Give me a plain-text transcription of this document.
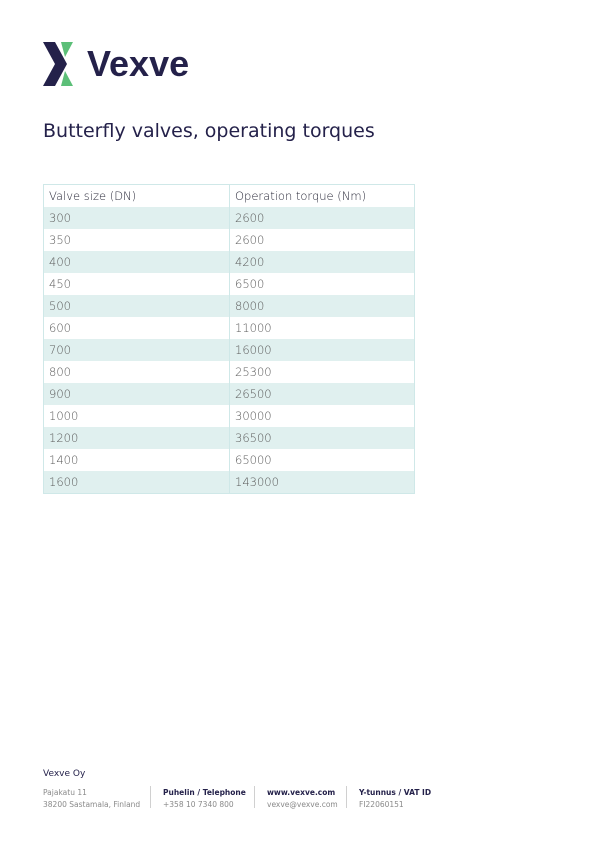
Vexve
Butterfly valves, operating torques
Valve size (DN)	Operation torque (Nm)
300	2600
350	2600
400	4200
450	6500
500	8000
600	11000
700	16000
800	25300
900	26500
1000	30000
1200	36500
1400	65000
1600	143000
Vexve Oy
Pajakatu 11
38200 Sastamala, Finland
Puhelin / Telephone
+358 10 7340 800
www.vexve.com
vexve@vexve.com
Y-tunnus / VAT ID
FI22060151
